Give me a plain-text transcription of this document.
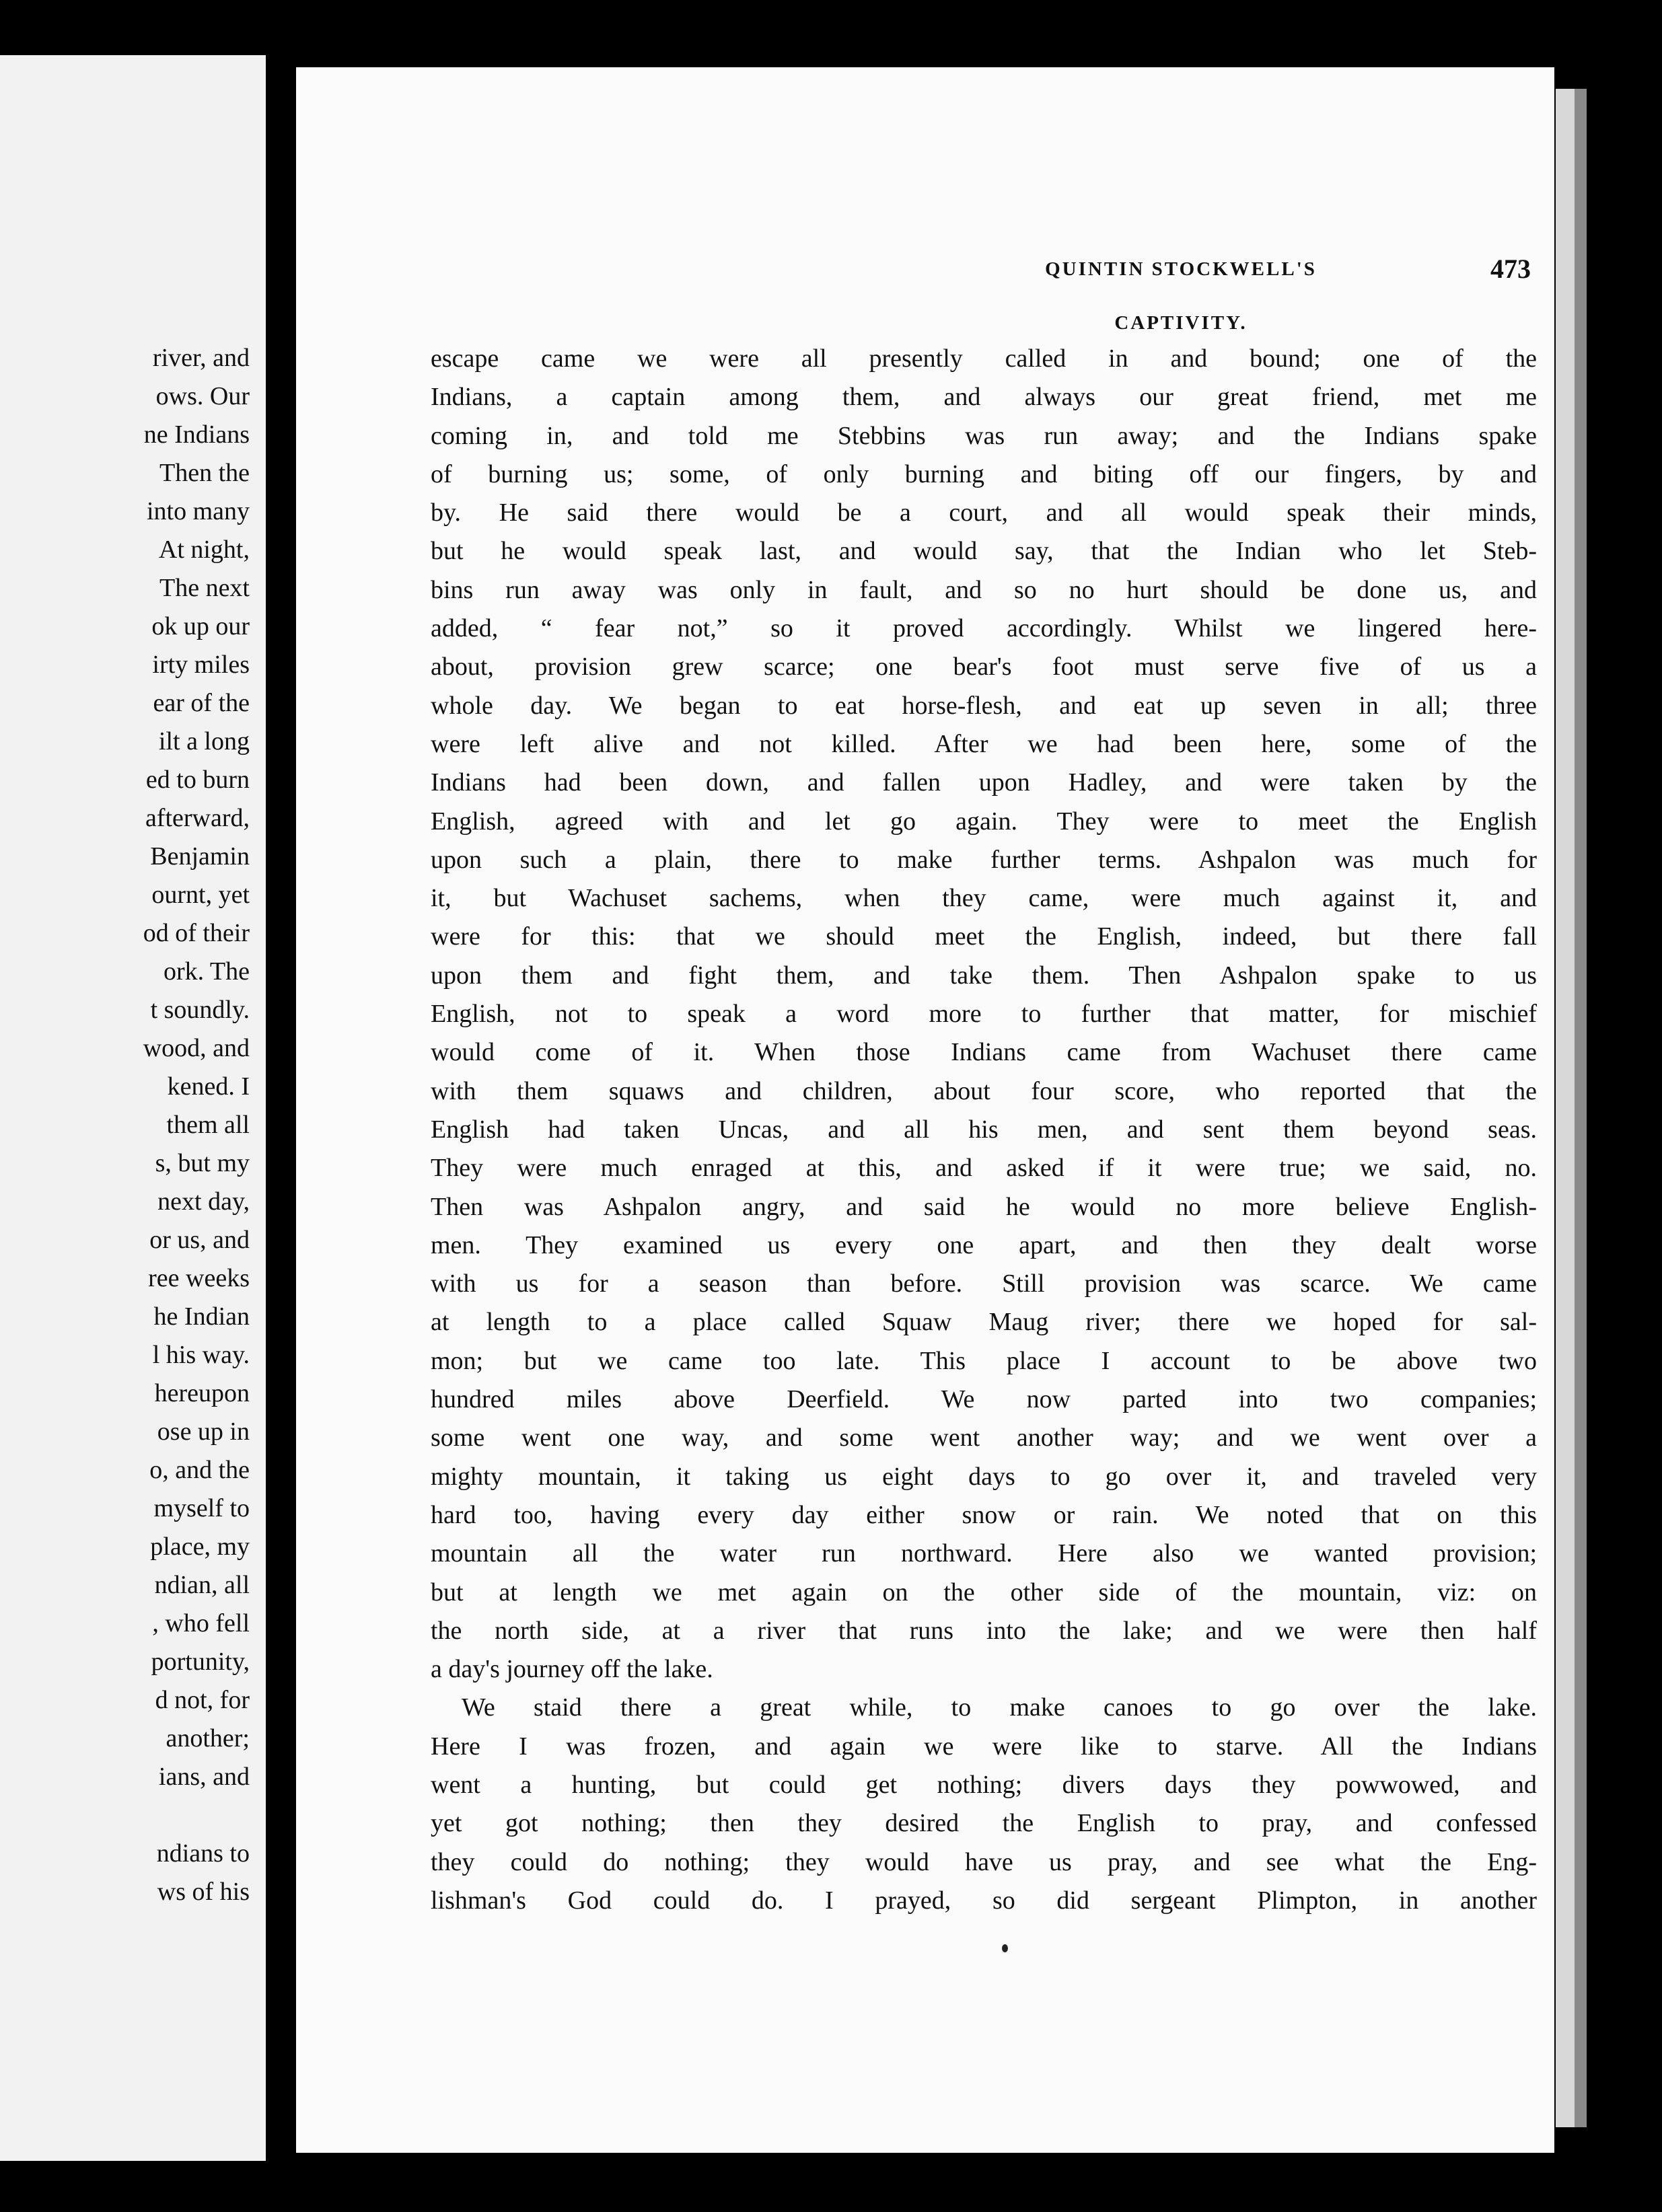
river, and
ows. Our
ne Indians
Then the
into many
At night,
The next
ok up our
irty miles
ear of the
ilt a long
ed to burn
afterward,
Benjamin
ournt, yet
od of their
ork. The
t soundly.
wood, and
kened. I
them all
s, but my
next day,
or us, and
ree weeks
he Indian
l his way.
hereupon
ose up in
o, and the
myself to
place, my
ndian, all
, who fell
portunity,
d not, for
another;
ians, and
ndians to
ws of his
QUINTIN STOCKWELL'S CAPTIVITY.
473
escape came we were all presently called in and bound; one of the
Indians, a captain among them, and always our great friend, met me
coming in, and told me Stebbins was run away; and the Indians spake
of burning us; some, of only burning and biting off our fingers, by and
by. He said there would be a court, and all would speak their minds,
but he would speak last, and would say, that the Indian who let Steb-
bins run away was only in fault, and so no hurt should be done us, and
added, “ fear not,” so it proved accordingly. Whilst we lingered here-
about, provision grew scarce; one bear's foot must serve five of us a
whole day. We began to eat horse-flesh, and eat up seven in all; three
were left alive and not killed. After we had been here, some of the
Indians had been down, and fallen upon Hadley, and were taken by the
English, agreed with and let go again. They were to meet the English
upon such a plain, there to make further terms. Ashpalon was much for
it, but Wachuset sachems, when they came, were much against it, and
were for this: that we should meet the English, indeed, but there fall
upon them and fight them, and take them. Then Ashpalon spake to us
English, not to speak a word more to further that matter, for mischief
would come of it. When those Indians came from Wachuset there came
with them squaws and children, about four score, who reported that the
English had taken Uncas, and all his men, and sent them beyond seas.
They were much enraged at this, and asked if it were true; we said, no.
Then was Ashpalon angry, and said he would no more believe English-
men. They examined us every one apart, and then they dealt worse
with us for a season than before. Still provision was scarce. We came
at length to a place called Squaw Maug river; there we hoped for sal-
mon; but we came too late. This place I account to be above two
hundred miles above Deerfield. We now parted into two companies;
some went one way, and some went another way; and we went over a
mighty mountain, it taking us eight days to go over it, and traveled very
hard too, having every day either snow or rain. We noted that on this
mountain all the water run northward. Here also we wanted provision;
but at length we met again on the other side of the mountain, viz: on
the north side, at a river that runs into the lake; and we were then half
a day's journey off the lake.
We staid there a great while, to make canoes to go over the lake.
Here I was frozen, and again we were like to starve. All the Indians
went a hunting, but could get nothing; divers days they powwowed, and
yet got nothing; then they desired the English to pray, and confessed
they could do nothing; they would have us pray, and see what the Eng-
lishman's God could do. I prayed, so did sergeant Plimpton, in another
